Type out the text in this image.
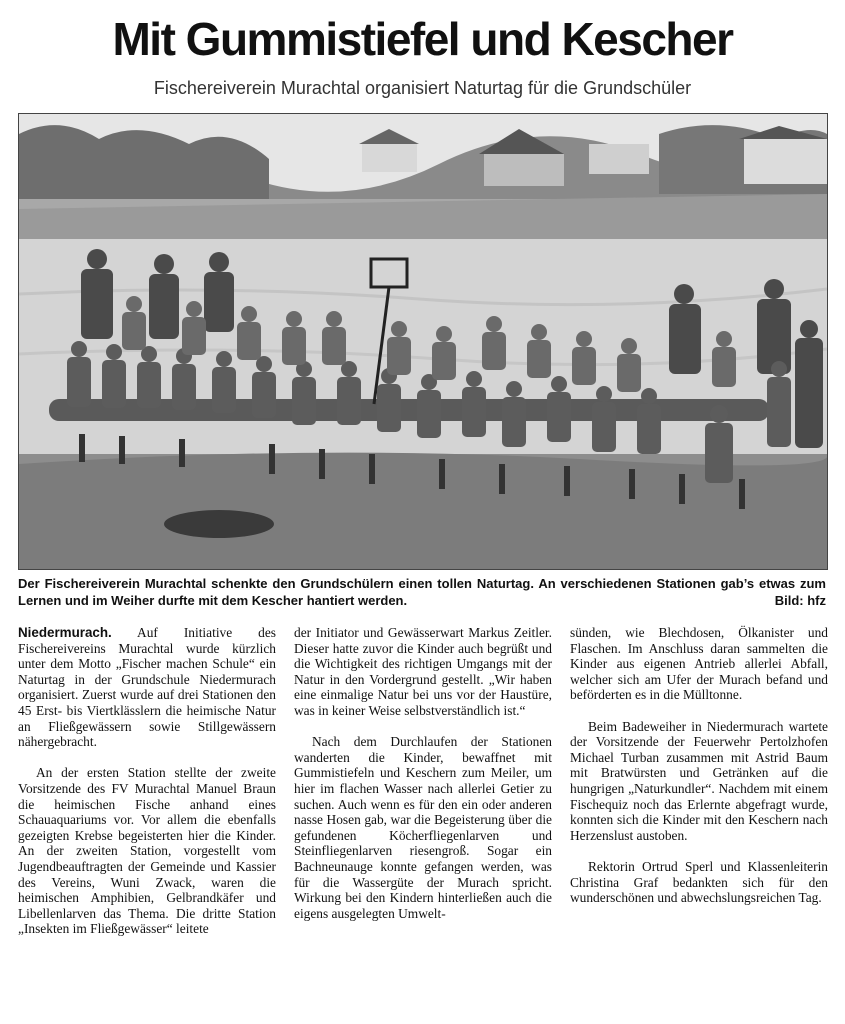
Mit Gummistiefel und Kescher
Fischereiverein Murachtal organisiert Naturtag für die Grundschüler
Der Fischereiverein Murachtal schenkte den Grundschülern einen tollen Naturtag. An verschiedenen Stationen gab’s etwas zum Lernen und im Weiher durfte mit dem Kescher hantiert werden.	Bild: hfz

Niedermurach. Auf Initiative des Fischereivereins Murachtal wurde kürzlich unter dem Motto „Fischer machen Schule“ ein Naturtag in der Grundschule Niedermurach organisiert. Zuerst wurde auf drei Stationen den 45 Erst- bis Viertklässlern die heimische Natur an Fließgewässern sowie Stillgewässern nähergebracht.

An der ersten Station stellte der zweite Vorsitzende des FV Murachtal Manuel Braun die heimischen Fische anhand eines Schauaquariums vor. Vor allem die ebenfalls gezeigten Krebse begeisterten hier die Kinder. An der zweiten Station, vorgestellt vom Jugendbeauftragten der Gemeinde und Kassier des Vereins, Wuni Zwack, waren die heimischen Amphibien, Gelbrandkäfer und Libellenlarven das Thema. Die dritte Station „Insekten im Fließgewässer“ leitete

der Initiator und Gewässerwart Markus Zeitler. Dieser hatte zuvor die Kinder auch begrüßt und die Wichtigkeit des richtigen Umgangs mit der Natur in den Vordergrund gestellt. „Wir haben eine einmalige Natur bei uns vor der Haustüre, was in keiner Weise selbstverständlich ist.“

Nach dem Durchlaufen der Stationen wanderten die Kinder, bewaffnet mit Gummistiefeln und Keschern zum Meiler, um hier im flachen Wasser nach allerlei Getier zu suchen. Auch wenn es für den ein oder anderen nasse Hosen gab, war die Begeisterung über die gefundenen Köcherfliegenlarven und Steinfliegenlarven riesengroß. Sogar ein Bachneunauge konnte gefangen werden, was für die Wassergüte der Murach spricht. Wirkung bei den Kindern hinterließen auch die eigens ausgelegten Umwelt-

sünden, wie Blechdosen, Ölkanister und Flaschen. Im Anschluss daran sammelten die Kinder aus eigenen Antrieb allerlei Abfall, welcher sich am Ufer der Murach befand und beförderten es in die Mülltonne.

Beim Badeweiher in Niedermurach wartete der Vorsitzende der Feuerwehr Pertolzhofen Michael Turban zusammen mit Astrid Baum mit Bratwürsten und Getränken auf die hungrigen „Naturkundler“. Nachdem mit einem Fischequiz noch das Erlernte abgefragt wurde, konnten sich die Kinder mit den Keschern nach Herzenslust austoben.

Rektorin Ortrud Sperl und Klassenleiterin Christina Graf bedankten sich für den wunderschönen und abwechslungsreichen Tag.
